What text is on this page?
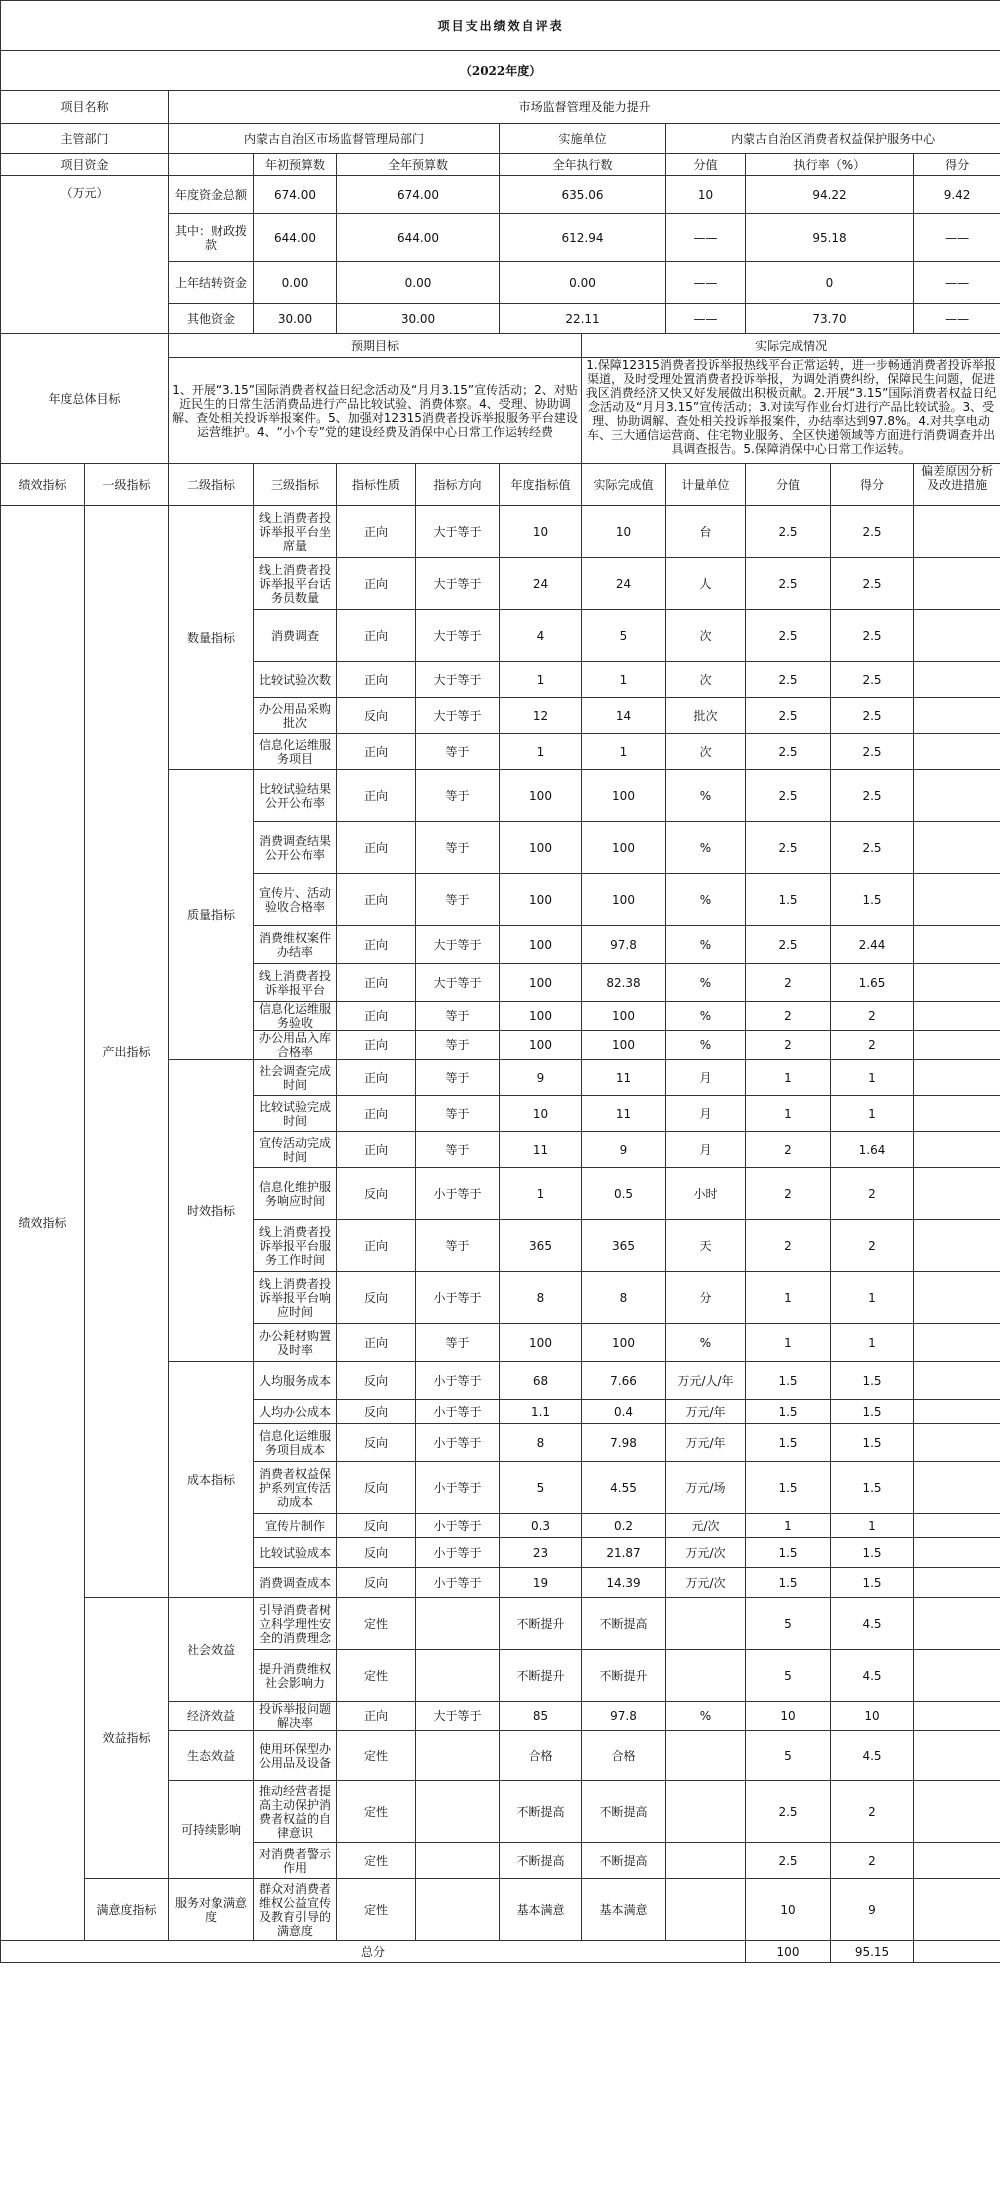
项目支出绩效自评表											
（2022年度）											
项目名称		市场监督管理及能力提升									
主管部门		内蒙古自治区市场监督管理局部门				实施单位		内蒙古自治区消费者权益保护服务中心			
项目资金			年初预算数	全年预算数		全年执行数		分值	执行率（%）		得分
（万元）		年度资金总额	674.00	674.00		635.06		10	94.22		9.42
		其中：财政拨款	644.00	644.00		612.94		——	95.18		——
		上年结转资金	0.00	0.00		0.00		——	0		——
		其他资金	30.00	30.00		22.11		——	73.70		——
年度总体目标		预期目标					实际完成情况				
		1、开展“3.15”国际消费者权益日纪念活动及“月月3.15”宣传活动；2、对贴近民生的日常生活消费品进行产品比较试验、消费体察。4、受理、协助调解、查处相关投诉举报案件。5、加强对12315消费者投诉举报服务平台建设运营维护。4、“小个专”党的建设经费及消保中心日常工作运转经费					1.保障12315消费者投诉举报热线平台正常运转，进一步畅通消费者投诉举报渠道，及时受理处置消费者投诉举报，为调处消费纠纷，保障民生问题，促进我区消费经济又快又好发展做出积极贡献。2.开展“3.15”国际消费者权益日纪念活动及“月月3.15”宣传活动；3.对读写作业台灯进行产品比较试验。3、受理、协助调解、查处相关投诉举报案件，办结率达到97.8%。4.对共享电动车、三大通信运营商、住宅物业服务、全区快递领域等方面进行消费调查并出具调查报告。5.保障消保中心日常工作运转。				
绩效指标	一级指标	二级指标	三级指标	指标性质	指标方向	年度指标值	实际完成值	计量单位	分值	得分	偏差原因分析及改进措施
绩效指标	产出指标	数量指标	线上消费者投诉举报平台坐席量	正向	大于等于	10	10	台	2.5	2.5	
			线上消费者投诉举报平台话务员数量	正向	大于等于	24	24	人	2.5	2.5	
			消费调查	正向	大于等于	4	5	次	2.5	2.5	
			比较试验次数	正向	大于等于	1	1	次	2.5	2.5	
			办公用品采购批次	反向	大于等于	12	14	批次	2.5	2.5	
			信息化运维服务项目	正向	等于	1	1	次	2.5	2.5	
		质量指标	比较试验结果公开公布率	正向	等于	100	100	%	2.5	2.5	
			消费调查结果公开公布率	正向	等于	100	100	%	2.5	2.5	
			宣传片、活动验收合格率	正向	等于	100	100	%	1.5	1.5	
			消费维权案件办结率	正向	大于等于	100	97.8	%	2.5	2.44	
			线上消费者投诉举报平台	正向	大于等于	100	82.38	%	2	1.65	
			信息化运维服务验收	正向	等于	100	100	%	2	2	
			办公用品入库合格率	正向	等于	100	100	%	2	2	
		时效指标	社会调查完成时间	正向	等于	9	11	月	1	1	
			比较试验完成时间	正向	等于	10	11	月	1	1	
			宣传活动完成时间	正向	等于	11	9	月	2	1.64	
			信息化维护服务响应时间	反向	小于等于	1	0.5	小时	2	2	
			线上消费者投诉举报平台服务工作时间	正向	等于	365	365	天	2	2	
			线上消费者投诉举报平台响应时间	反向	小于等于	8	8	分	1	1	
			办公耗材购置及时率	正向	等于	100	100	%	1	1	
		成本指标	人均服务成本	反向	小于等于	68	7.66	万元/人/年	1.5	1.5	
			人均办公成本	反向	小于等于	1.1	0.4	万元/年	1.5	1.5	
			信息化运维服务项目成本	反向	小于等于	8	7.98	万元/年	1.5	1.5	
			消费者权益保护系列宣传活动成本	反向	小于等于	5	4.55	万元/场	1.5	1.5	
			宣传片制作	反向	小于等于	0.3	0.2	元/次	1	1	
			比较试验成本	反向	小于等于	23	21.87	万元/次	1.5	1.5	
			消费调查成本	反向	小于等于	19	14.39	万元/次	1.5	1.5	
	效益指标	社会效益	引导消费者树立科学理性安全的消费理念	定性		不断提升	不断提高		5	4.5	
			提升消费维权社会影响力	定性		不断提升	不断提升		5	4.5	
		经济效益	投诉举报问题解决率	正向	大于等于	85	97.8	%	10	10	
		生态效益	使用环保型办公用品及设备	定性		合格	合格		5	4.5	
		可持续影响	推动经营者提高主动保护消费者权益的自律意识	定性		不断提高	不断提高		2.5	2	
			对消费者警示作用	定性		不断提高	不断提高		2.5	2	
	满意度指标	服务对象满意度	群众对消费者维权公益宣传及教育引导的满意度	定性		基本满意	基本满意		10	9	
总分									100	95.15	
